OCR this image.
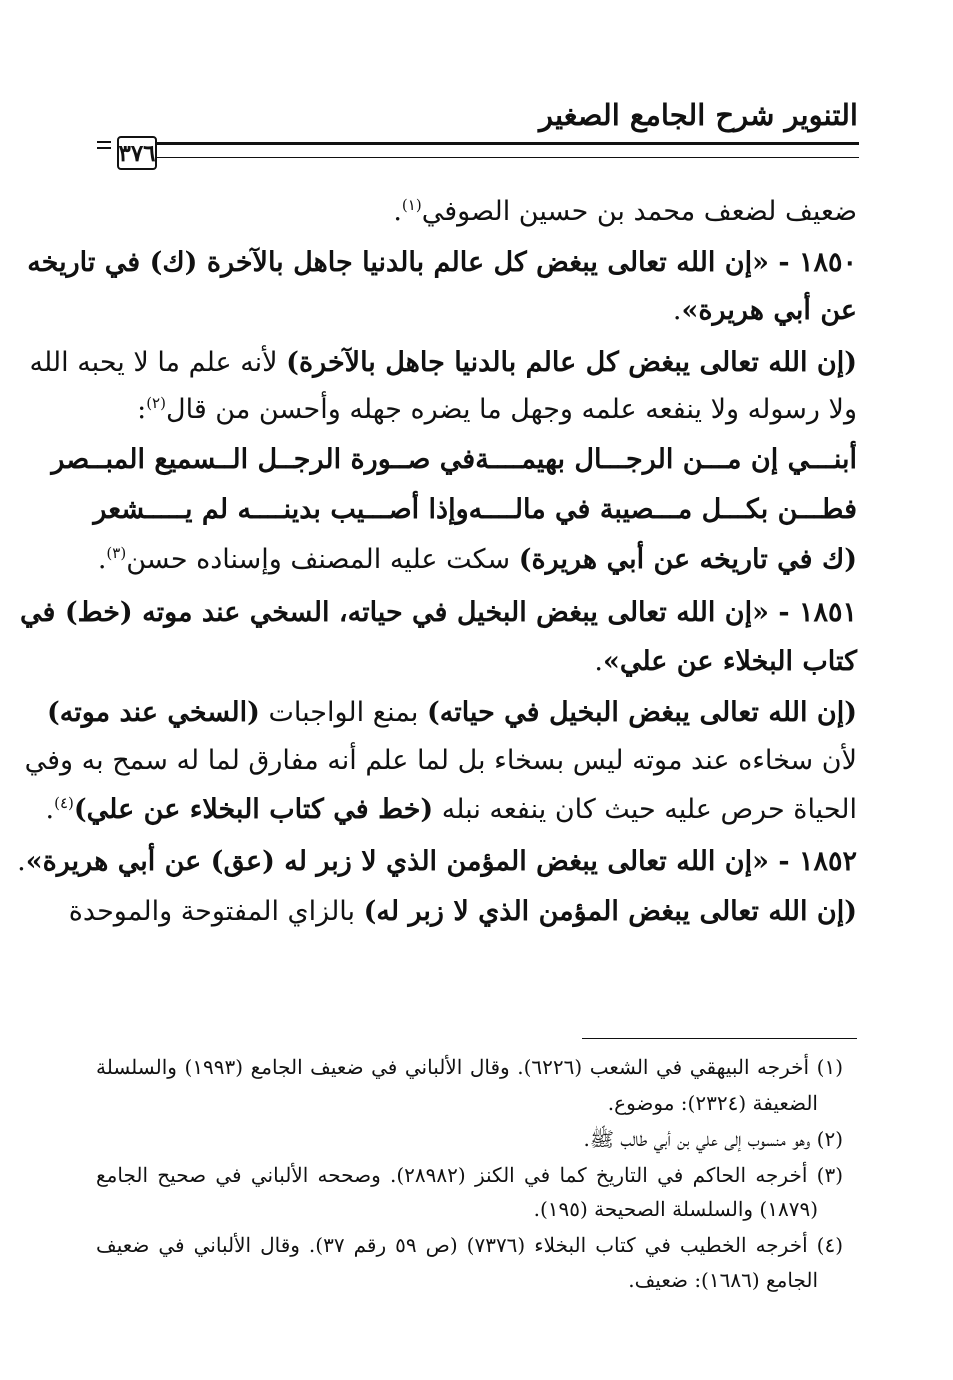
التنوير شرح الجامع الصغير
٣٧٦
ضعيف لضعف محمد بن حسين الصوفي$^{(١)}$.
١٨٥٠ - «إن الله تعالى يبغض كل عالم بالدنيا جاهل بالآخرة (ك) في تاريخه
عن أبي هريرة».
(إن الله تعالى يبغض كل عالم بالدنيا جاهل بالآخرة) لأنه علم ما لا يحبه الله
ولا رسوله ولا ينفعه علمه وجهل ما يضره جهله وأحسن من قال$^{(٢)}$:
أبنـــي إن مـــن الرجـــال بهيمــــة
في صــورة الرجــل الــسميع المبــصر
فطـــن بكـــل مـــصيبة في مالــــه
وإذا أصـــيب بدينــــه لم يـــــشعر
(ك في تاريخه عن أبي هريرة) سكت عليه المصنف وإسناده حسن$^{(٣)}$.
١٨٥١ - «إن الله تعالى يبغض البخيل في حياته، السخي عند موته (خط) في
كتاب البخلاء عن علي».
(إن الله تعالى يبغض البخيل في حياته) بمنع الواجبات (السخي عند موته)
لأن سخاءه عند موته ليس بسخاء بل لما علم أنه مفارق لما له سمح به وفي
الحياة حرص عليه حيث كان ينفعه نبله (خط في كتاب البخلاء عن علي)$^{(٤)}$.
١٨٥٢ - «إن الله تعالى يبغض المؤمن الذي لا زبر له (عق) عن أبي هريرة».
(إن الله تعالى يبغض المؤمن الذي لا زبر له) بالزاي المفتوحة والموحدة
(١) أخرجه البيهقي في الشعب (٦٢٢٦). وقال الألباني في ضعيف الجامع (١٩٩٣) والسلسلة
الضعيفة (٢٣٢٤): موضوع.
(٢) وهو منسوب إلى علي بن أبي طالب ﷺ.
(٣) أخرجه الحاكم في التاريخ كما في الكنز (٢٨٩٨٢). وصححه الألباني في صحيح الجامع
(١٨٧٩) والسلسلة الصحيحة (١٩٥).
(٤) أخرجه الخطيب في كتاب البخلاء (٧٣٧٦) (ص ٥٩ رقم ٣٧). وقال الألباني في ضعيف
الجامع (١٦٨٦): ضعيف.
